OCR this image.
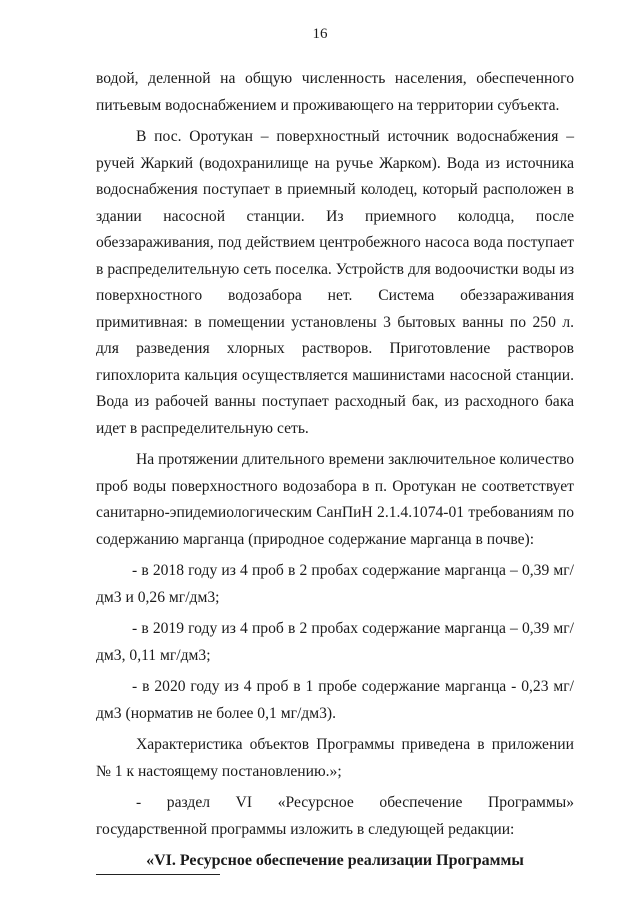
16

водой, деленной на общую численность населения, обеспеченного питьевым водоснабжением и проживающего на территории субъекта.

В пос. Оротукан – поверхностный источник водоснабжения – ручей Жаркий (водохранилище на ручье Жарком). Вода из источника водоснабжения поступает в приемный колодец, который расположен в здании насосной станции. Из приемного колодца, после обеззараживания, под действием центробежного насоса вода поступает в распределительную сеть поселка. Устройств для водоочистки воды из поверхностного водозабора нет. Система обеззараживания примитивная: в помещении установлены 3 бытовых ванны по 250 л. для разведения хлорных растворов. Приготовление растворов гипохлорита кальция осуществляется машинистами насосной станции. Вода из рабочей ванны поступает расходный бак, из расходного бака идет в распределительную сеть.

На протяжении длительного времени заключительное количество проб воды поверхностного водозабора в п. Оротукан не соответствует санитарно-эпидемиологическим СанПиН 2.1.4.1074-01 требованиям по содержанию марганца (природное содержание марганца в почве):

- в 2018 году из 4 проб в 2 пробах содержание марганца – 0,39 мг/дм3 и 0,26 мг/дм3;

- в 2019 году из 4 проб в 2 пробах содержание марганца – 0,39 мг/дм3, 0,11 мг/дм3;

- в 2020 году из 4 проб в 1 пробе содержание марганца - 0,23 мг/дм3 (норматив не более 0,1 мг/дм3).

Характеристика объектов Программы приведена в приложении № 1 к настоящему постановлению.»;

- раздел VI «Ресурсное обеспечение Программы» государственной программы изложить в следующей редакции:

«VI. Ресурсное обеспечение реализации Программы
